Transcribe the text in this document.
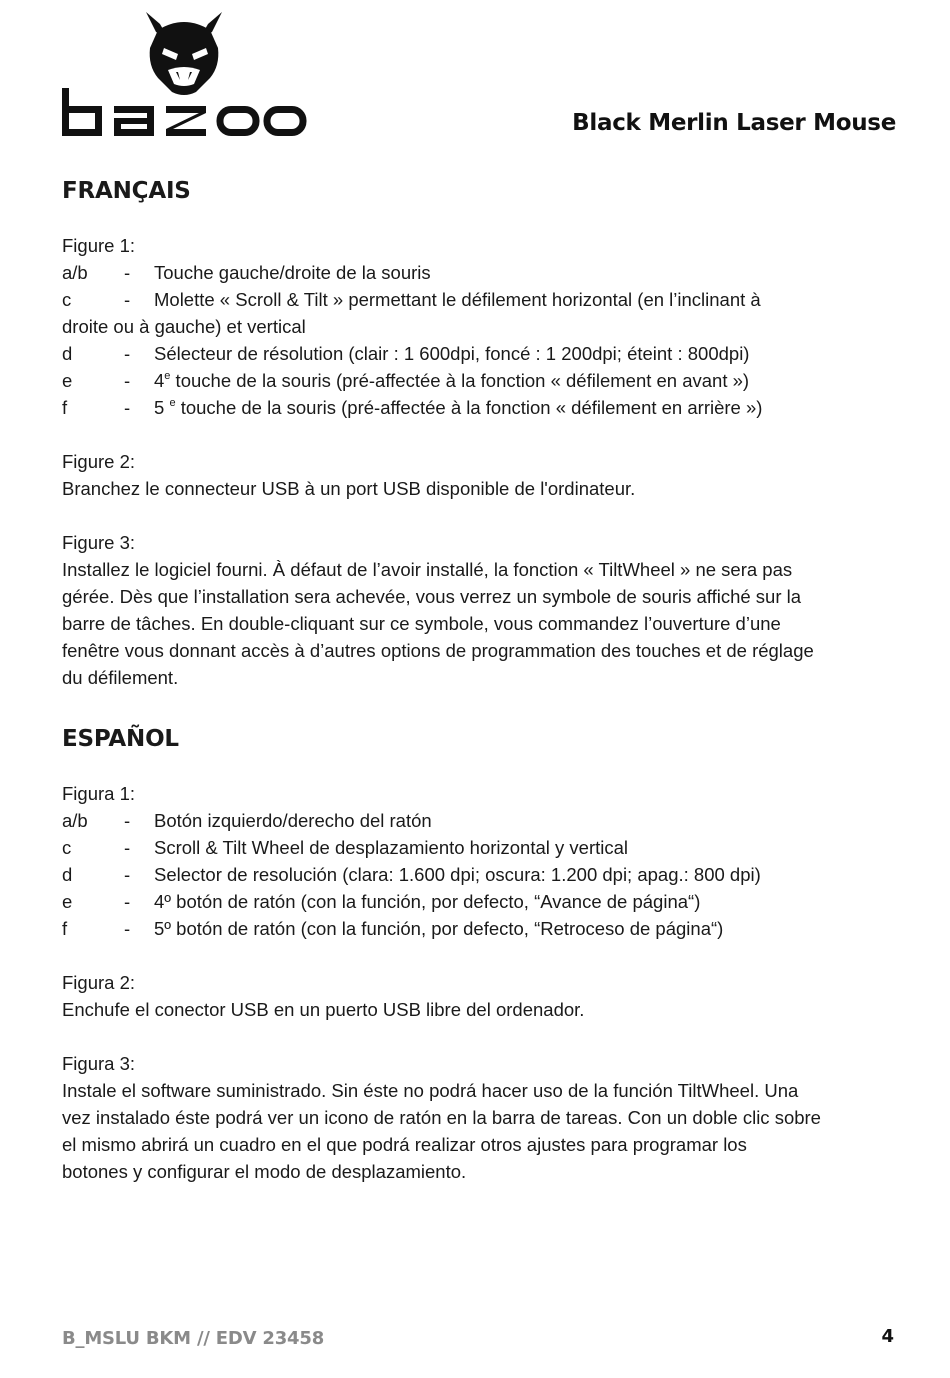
bazoo
Black Merlin Laser Mouse
FRANÇAIS

Figure 1:

a/b	-	Touche gauche/droite de la souris
c	-	Molette « Scroll & Tilt » permettant le défilement horizontal (en l’inclinant à

droite ou à gauche) et vertical

d	-	Sélecteur de résolution (clair : 1 600dpi, foncé : 1 200dpi; éteint : 800dpi)
e	-	4e touche de la souris (pré-affectée à la fonction « défilement en avant »)
f	-	5 $^e$ touche de la souris (pré-affectée à la fonction « défilement en arrière »)

Figure 2:

Branchez le connecteur USB à un port USB disponible de l'ordinateur.

Figure 3:

Installez le logiciel fourni. À défaut de l’avoir installé, la fonction « TiltWheel » ne sera pas

gérée. Dès que l’installation sera achevée, vous verrez un symbole de souris affiché sur la

barre de tâches. En double-cliquant sur ce symbole, vous commandez l’ouverture d’une

fenêtre vous donnant accès à d’autres options de programmation des touches et de réglage

du défilement.

ESPAÑOL

Figura 1:

a/b	-	Botón izquierdo/derecho del ratón
c	-	Scroll & Tilt Wheel de desplazamiento horizontal y vertical
d	-	Selector de resolución (clara: 1.600 dpi; oscura: 1.200 dpi; apag.: 800 dpi)
e	-	4º botón de ratón (con la función, por defecto, “Avance de página“)
f	-	5º botón de ratón (con la función, por defecto, “Retroceso de página“)

Figura 2:

Enchufe el conector USB en un puerto USB libre del ordenador.

Figura 3:

Instale el software suministrado. Sin éste no podrá hacer uso de la función TiltWheel. Una

vez instalado éste podrá ver un icono de ratón en la barra de tareas. Con un doble clic sobre

el mismo abrirá un cuadro en el que podrá realizar otros ajustes para programar los

botones y configurar el modo de desplazamiento.

B_MSLU BKM // EDV 23458	4
